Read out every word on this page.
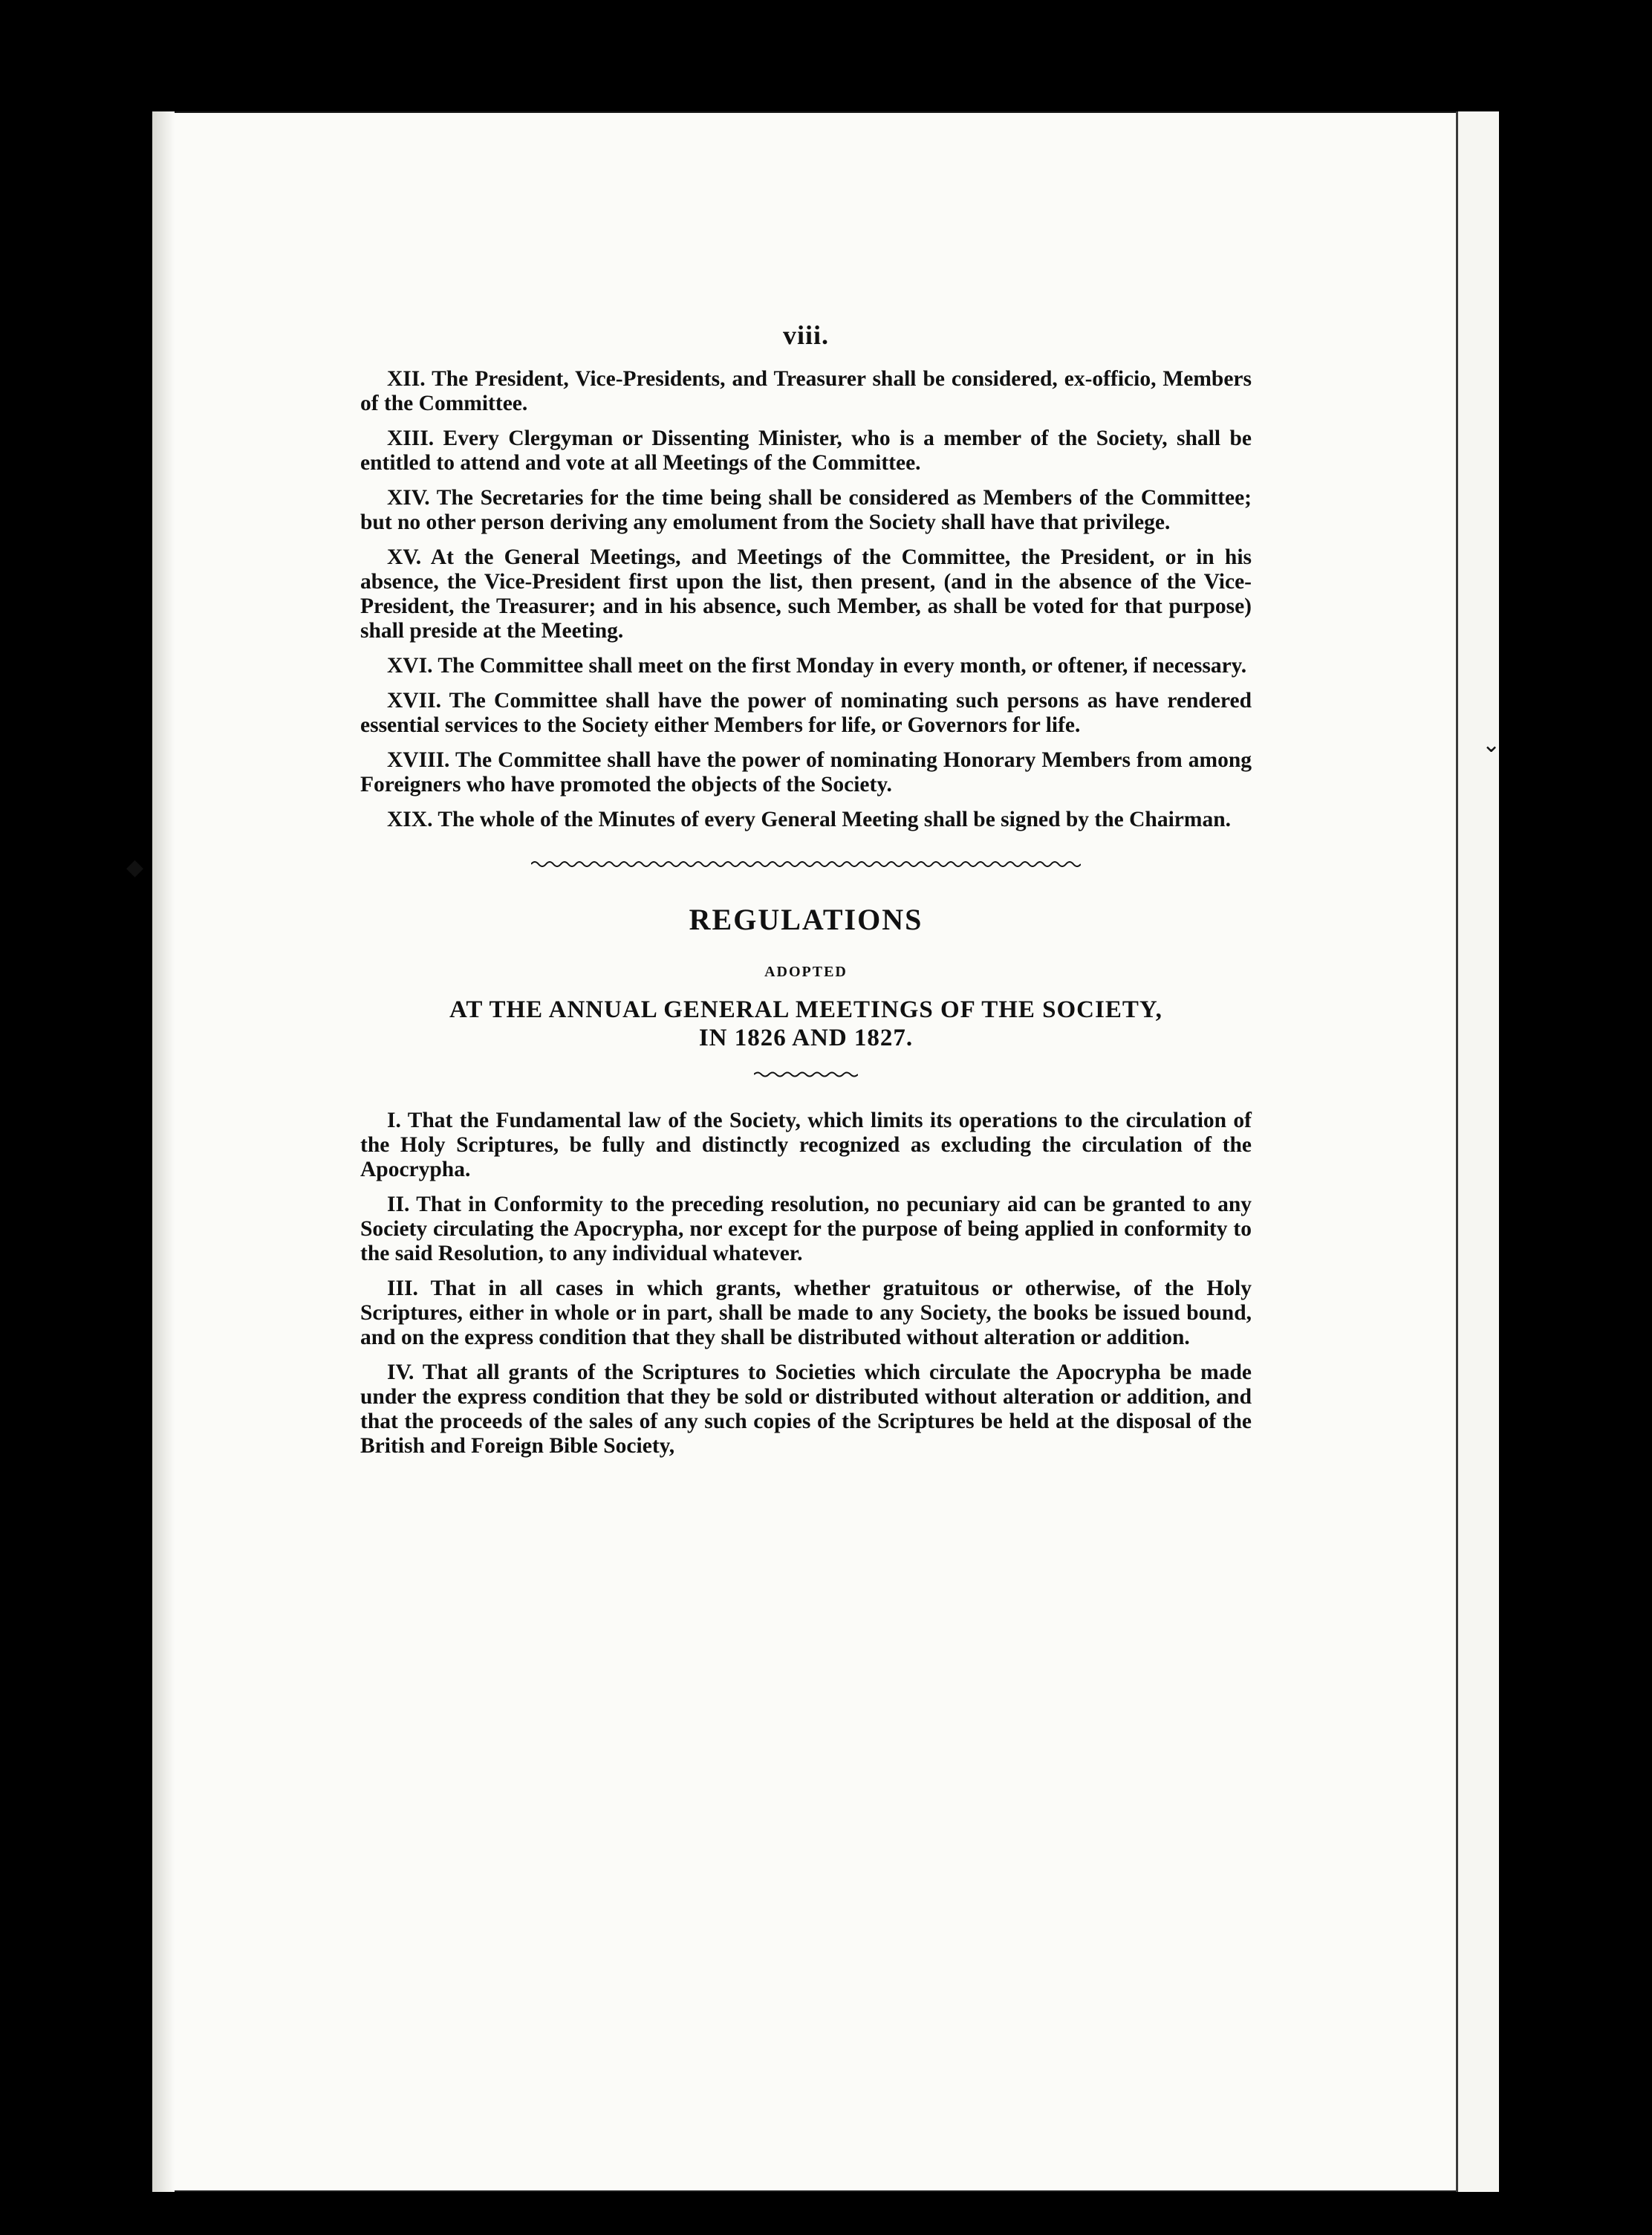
◆
⌄
viii.

XII. The President, Vice-Presidents, and Treasurer shall be considered, ex-officio, Members of the Committee.

XIII. Every Clergyman or Dissenting Minister, who is a member of the Society, shall be entitled to attend and vote at all Meetings of the Committee.

XIV. The Secretaries for the time being shall be considered as Members of the Committee; but no other person deriving any emolument from the Society shall have that privilege.

XV. At the General Meetings, and Meetings of the Committee, the President, or in his absence, the Vice-President first upon the list, then present, (and in the absence of the Vice-President, the Treasurer; and in his absence, such Member, as shall be voted for that purpose) shall preside at the Meeting.

XVI. The Committee shall meet on the first Monday in every month, or oftener, if necessary.

XVII. The Committee shall have the power of nominating such persons as have rendered essential services to the Society either Members for life, or Governors for life.

XVIII. The Committee shall have the power of nominating Honorary Members from among Foreigners who have promoted the objects of the Society.

XIX. The whole of the Minutes of every General Meeting shall be signed by the Chairman.

REGULATIONS
ADOPTED
AT THE ANNUAL GENERAL MEETINGS OF THE SOCIETY,
IN 1826 AND 1827.

I. That the Fundamental law of the Society, which limits its operations to the circulation of the Holy Scriptures, be fully and distinctly recognized as excluding the circulation of the Apocrypha.

II. That in Conformity to the preceding resolution, no pecuniary aid can be granted to any Society circulating the Apocrypha, nor except for the purpose of being applied in conformity to the said Resolution, to any individual whatever.

III. That in all cases in which grants, whether gratuitous or otherwise, of the Holy Scriptures, either in whole or in part, shall be made to any Society, the books be issued bound, and on the express condition that they shall be distributed without alteration or addition.

IV. That all grants of the Scriptures to Societies which circulate the Apocrypha be made under the express condition that they be sold or distributed without alteration or addition, and that the proceeds of the sales of any such copies of the Scriptures be held at the disposal of the British and Foreign Bible Society,
